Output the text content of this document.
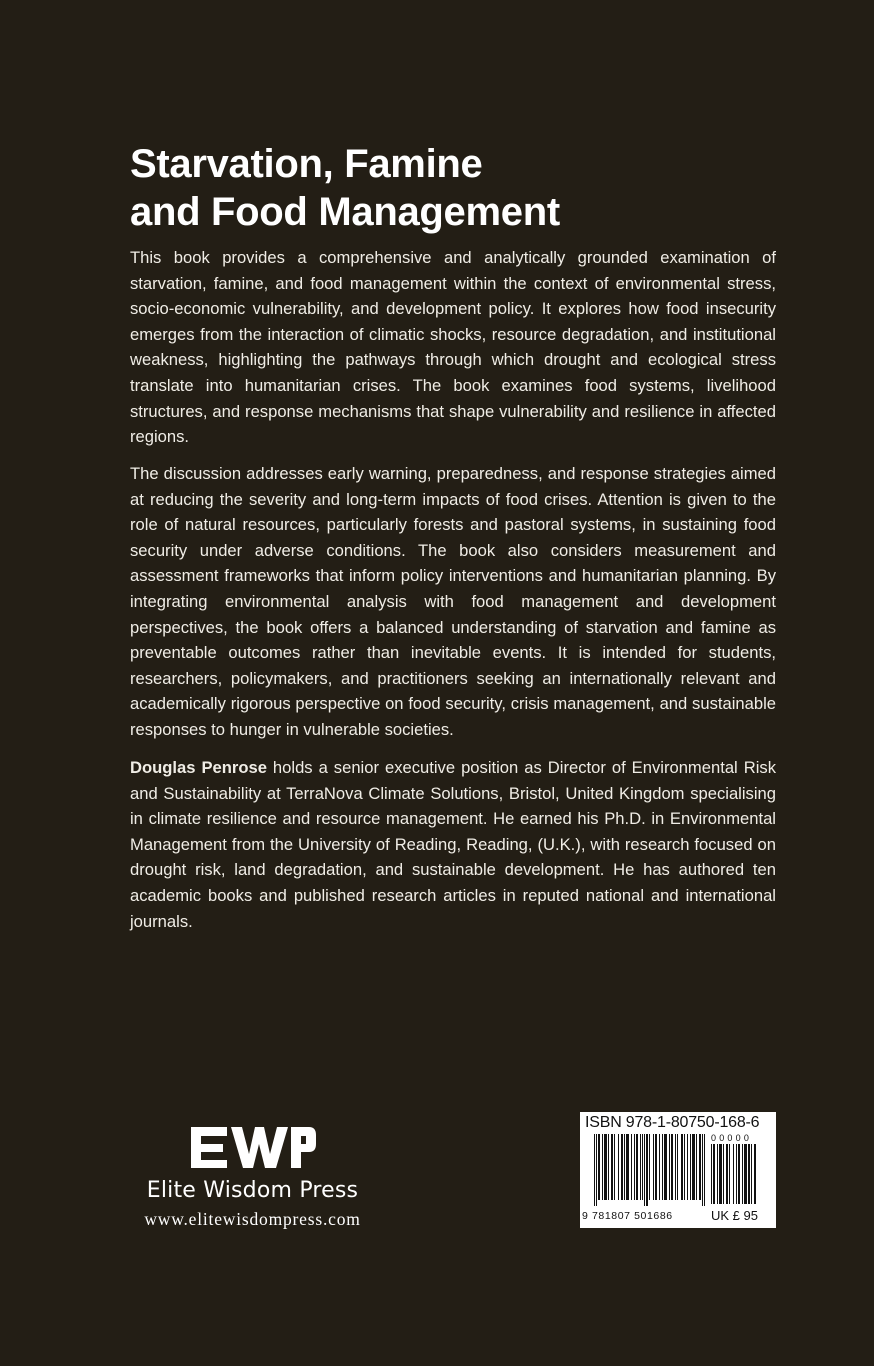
Starvation, Famine
and Food Management

This book provides a comprehensive and analytically grounded examination of starvation, famine, and food management within the context of environmental stress, socio-economic vulnerability, and development policy. It explores how food insecurity emerges from the interaction of climatic shocks, resource degradation, and institutional weakness, highlighting the pathways through which drought and ecological stress translate into humanitarian crises. The book examines food systems, livelihood structures, and response mechanisms that shape vulnerability and resilience in affected regions.

The discussion addresses early warning, preparedness, and response strategies aimed at reducing the severity and long-term impacts of food crises. Attention is given to the role of natural resources, particularly forests and pastoral systems, in sustaining food security under adverse conditions. The book also considers measurement and assessment frameworks that inform policy interventions and humanitarian planning. By integrating environmental analysis with food management and development perspectives, the book offers a balanced understanding of starvation and famine as preventable outcomes rather than inevitable events. It is intended for students, researchers, policymakers, and practitioners seeking an internationally relevant and academically rigorous perspective on food security, crisis management, and sustainable responses to hunger in vulnerable societies.

Douglas Penrose holds a senior executive position as Director of Environmental Risk and Sustainability at TerraNova Climate Solutions, Bristol, United Kingdom specialising in climate resilience and resource management. He earned his Ph.D. in Environmental Management from the University of Reading, Reading, (U.K.), with research focused on drought risk, land degradation, and sustainable development. He has authored ten academic books and published research articles in reputed national and international journals.

Elite Wisdom Press
www.elitewisdompress.com
ISBN 978-1-80750-168-6
00000
9 781807 501686	UK £ 95
